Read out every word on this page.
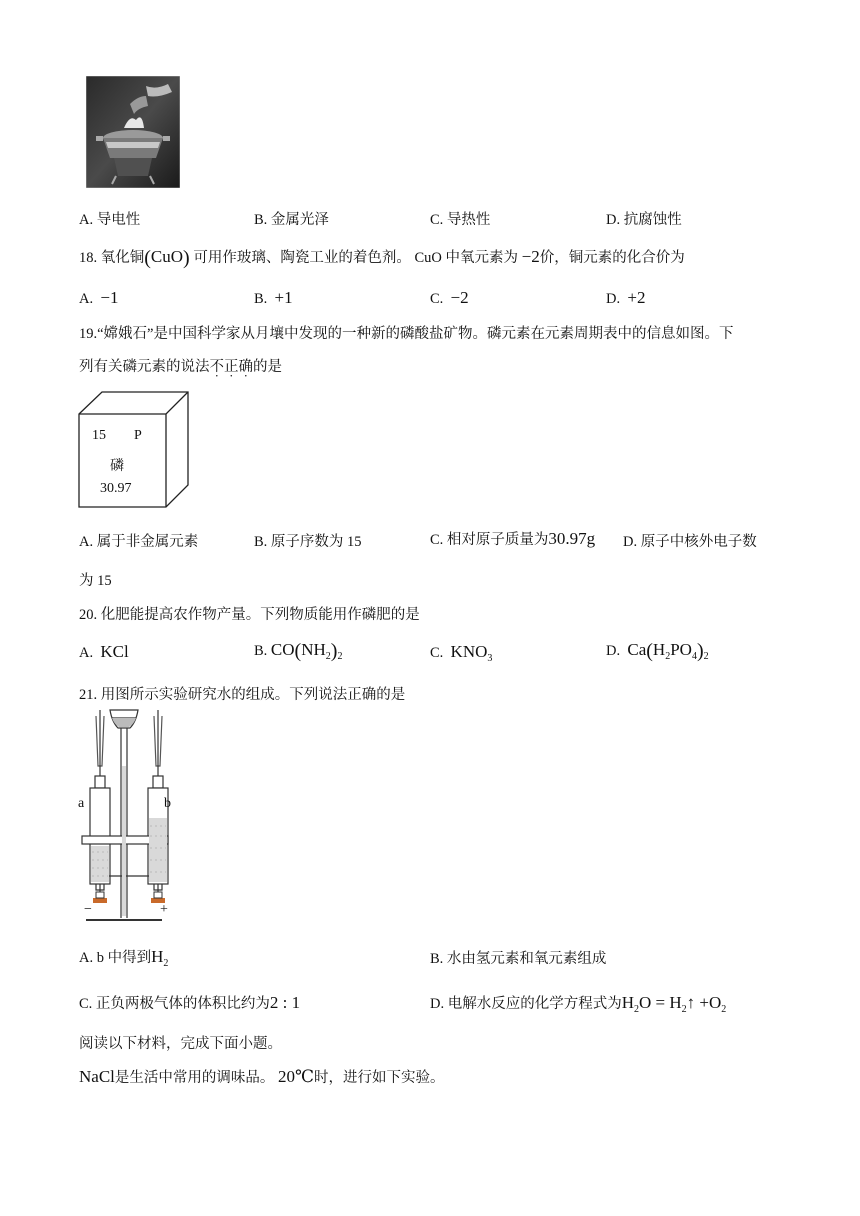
A. 导电性	B. 金属光泽	C. 导热性	D. 抗腐蚀性
18. 氧化铜(CuO) 可用作玻璃、陶瓷工业的着色剂。 CuO 中氧元素为 −2价，铜元素的化合价为
A. −1	B. +1	C. −2	D. +2
19.“嫦娥石”是中国科学家从月壤中发现的一种新的磷酸盐矿物。磷元素在元素周期表中的信息如图。下
列有关磷元素的说法不正确的是
15 P
磷
30.97
A. 属于非金属元素	B. 原子序数为 15	C. 相对原子质量为30.97g D. 原子中核外电子数
为 15
20. 化肥能提高农作物产量。下列物质能用作磷肥的是
A. KCl	B. $CO(NH_2)_2$	C. $KNO_3$	D. $Ca(H_2PO_4)_2$
21. 用图所示实验研究水的组成。下列说法正确的是
a	b
−	+
A. b 中得到$H_2$	B. 水由氢元素和氧元素组成
C. 正负两极气体的体积比约为2 : 1	D. 电解水反应的化学方程式为$H_2O$ = $H_2↑ +O_2$
阅读以下材料，完成下面小题。
NaCl是生活中常用的调味品。 20℃时，进行如下实验。
